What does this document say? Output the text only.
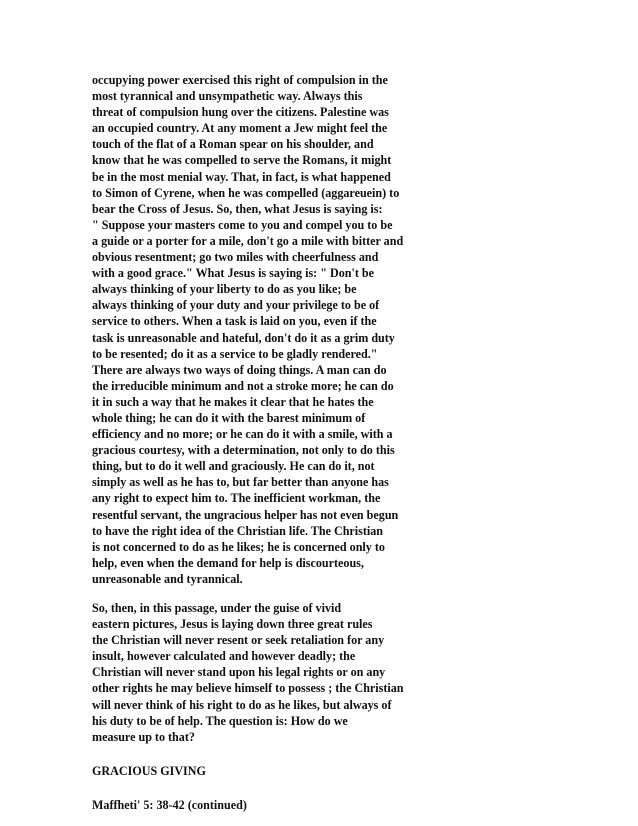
occupying power exercised this right of compulsion in the
most tyrannical and unsympathetic way. Always this
threat of compulsion hung over the citizens. Palestine was
an occupied country. At any moment a Jew might feel the
touch of the flat of a Roman spear on his shoulder, and
know that he was compelled to serve the Romans, it might
be in the most menial way. That, in fact, is what happened
to Simon of Cyrene, when he was compelled (aggareuein) to
bear the Cross of Jesus. So, then, what Jesus is saying is:
" Suppose your masters come to you and compel you to be
a guide or a porter for a mile, don't go a mile with bitter and
obvious resentment; go two miles with cheerfulness and
with a good grace." What Jesus is saying is: " Don't be
always thinking of your liberty to do as you like; be
always thinking of your duty and your privilege to be of
service to others. When a task is laid on you, even if the
task is unreasonable and hateful, don't do it as a grim duty
to be resented; do it as a service to be gladly rendered."
There are always two ways of doing things. A man can do
the irreducible minimum and not a stroke more; he can do
it in such a way that he makes it clear that he hates the
whole thing; he can do it with the barest minimum of
efficiency and no more; or he can do it with a smile, with a
gracious courtesy, with a determination, not only to do this
thing, but to do it well and graciously. He can do it, not
simply as well as he has to, but far better than anyone has
any right to expect him to. The inefficient workman, the
resentful servant, the ungracious helper has not even begun
to have the right idea of the Christian life. The Christian
is not concerned to do as he likes; he is concerned only to
help, even when the demand for help is discourteous,
unreasonable and tyrannical.
So, then, in this passage, under the guise of vivid
eastern pictures, Jesus is laying down three great rules
the Christian will never resent or seek retaliation for any
insult, however calculated and however deadly; the
Christian will never stand upon his legal rights or on any
other rights he may believe himself to possess ; the Christian
will never think of his right to do as he likes, but always of
his duty to be of help. The question is: How do we
measure up to that?

GRACIOUS GIVING

Maffheti' 5: 38-42 (continued)
